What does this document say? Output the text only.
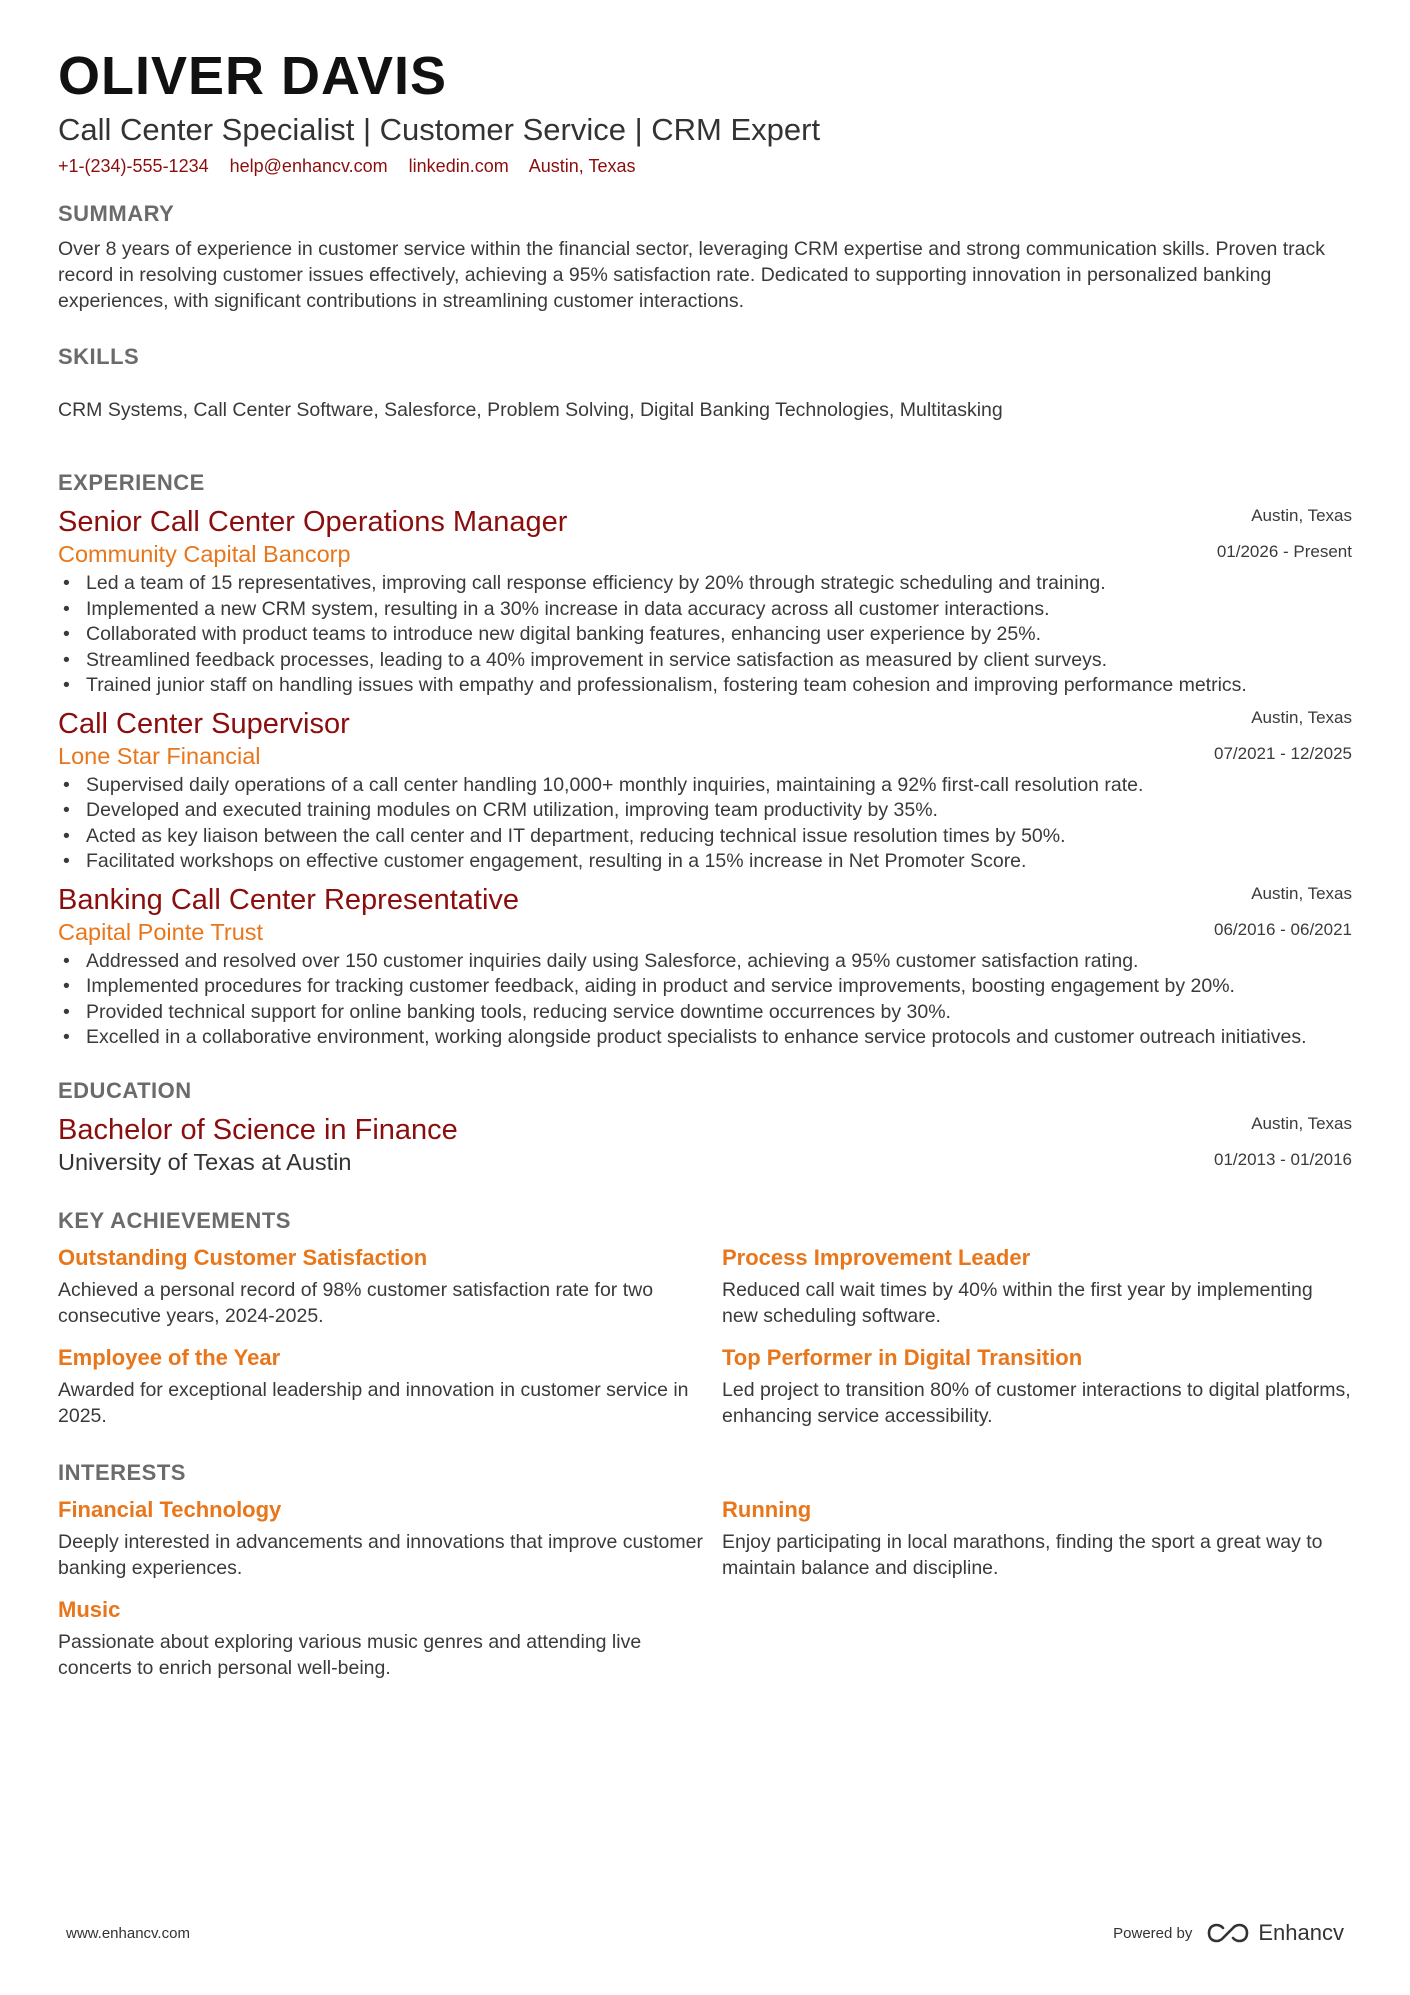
OLIVER DAVIS
Call Center Specialist | Customer Service | CRM Expert
+1-(234)-555-1234 help@enhancv.com linkedin.com Austin, Texas
SUMMARY
Over 8 years of experience in customer service within the financial sector, leveraging CRM expertise and strong communication skills. Proven track record in resolving customer issues effectively, achieving a 95% satisfaction rate. Dedicated to supporting innovation in personalized banking experiences, with significant contributions in streamlining customer interactions.
SKILLS
CRM Systems, Call Center Software, Salesforce, Problem Solving, Digital Banking Technologies, Multitasking
EXPERIENCE
Senior Call Center Operations Manager
Community Capital Bancorp
Austin, Texas
01/2026 - Present
• Led a team of 15 representatives, improving call response efficiency by 20% through strategic scheduling and training.
• Implemented a new CRM system, resulting in a 30% increase in data accuracy across all customer interactions.
• Collaborated with product teams to introduce new digital banking features, enhancing user experience by 25%.
• Streamlined feedback processes, leading to a 40% improvement in service satisfaction as measured by client surveys.
• Trained junior staff on handling issues with empathy and professionalism, fostering team cohesion and improving performance metrics.
Call Center Supervisor
Lone Star Financial
Austin, Texas
07/2021 - 12/2025
• Supervised daily operations of a call center handling 10,000+ monthly inquiries, maintaining a 92% first-call resolution rate.
• Developed and executed training modules on CRM utilization, improving team productivity by 35%.
• Acted as key liaison between the call center and IT department, reducing technical issue resolution times by 50%.
• Facilitated workshops on effective customer engagement, resulting in a 15% increase in Net Promoter Score.
Banking Call Center Representative
Capital Pointe Trust
Austin, Texas
06/2016 - 06/2021
• Addressed and resolved over 150 customer inquiries daily using Salesforce, achieving a 95% customer satisfaction rating.
• Implemented procedures for tracking customer feedback, aiding in product and service improvements, boosting engagement by 20%.
• Provided technical support for online banking tools, reducing service downtime occurrences by 30%.
• Excelled in a collaborative environment, working alongside product specialists to enhance service protocols and customer outreach initiatives.
EDUCATION
Bachelor of Science in Finance
University of Texas at Austin
Austin, Texas
01/2013 - 01/2016
KEY ACHIEVEMENTS
Outstanding Customer Satisfaction
Achieved a personal record of 98% customer satisfaction rate for two consecutive years, 2024-2025.
Process Improvement Leader
Reduced call wait times by 40% within the first year by implementing new scheduling software.
Employee of the Year
Awarded for exceptional leadership and innovation in customer service in 2025.
Top Performer in Digital Transition
Led project to transition 80% of customer interactions to digital platforms, enhancing service accessibility.
INTERESTS
Financial Technology
Deeply interested in advancements and innovations that improve customer banking experiences.
Running
Enjoy participating in local marathons, finding the sport a great way to maintain balance and discipline.
Music
Passionate about exploring various music genres and attending live concerts to enrich personal well-being.
www.enhancv.com	Powered by	Enhancv
